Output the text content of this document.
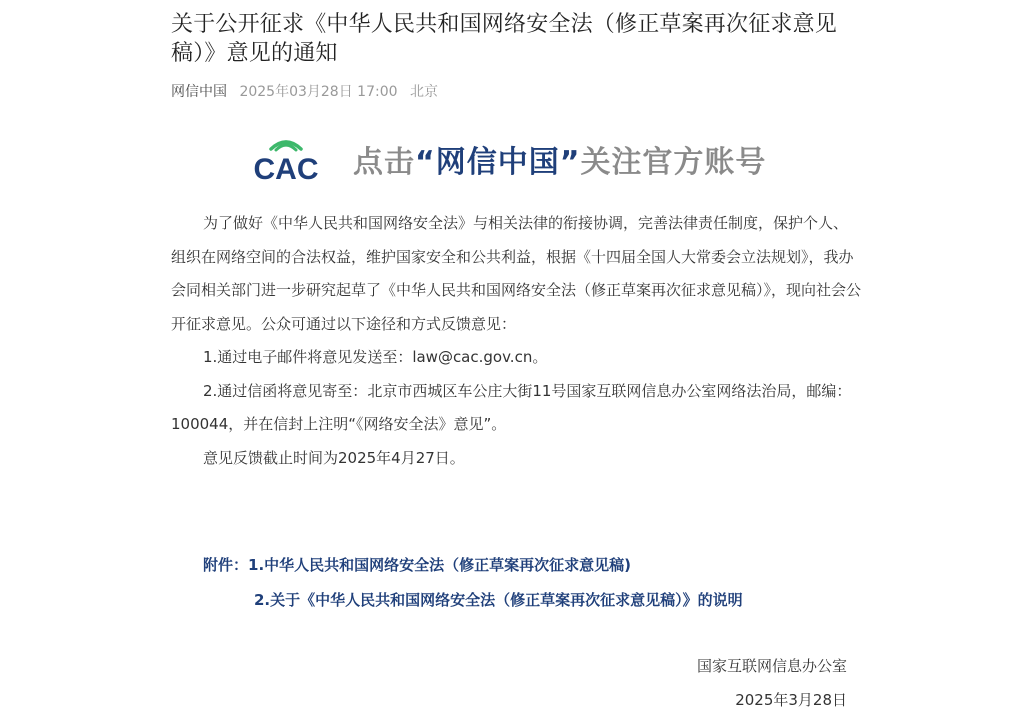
关于公开征求《中华人民共和国网络安全法（修正草案再次征求意见稿）》意见的通知
网信中国 2025年03月28日 17:00 北京
CAC 点击“网信中国”关注官方账号

为了做好《中华人民共和国网络安全法》与相关法律的衔接协调，完善法律责任制度，保护个人、组织在网络空间的合法权益，维护国家安全和公共利益，根据《十四届全国人大常委会立法规划》，我办会同相关部门进一步研究起草了《中华人民共和国网络安全法（修正草案再次征求意见稿）》，现向社会公开征求意见。公众可通过以下途径和方式反馈意见：

1.通过电子邮件将意见发送至：law@cac.gov.cn。

2.通过信函将意见寄至：北京市西城区车公庄大街11号国家互联网信息办公室网络法治局，邮编：100044，并在信封上注明“《网络安全法》意见”。

意见反馈截止时间为2025年4月27日。

附件：1.中华人民共和国网络安全法（修正草案再次征求意见稿)
2.关于《中华人民共和国网络安全法（修正草案再次征求意见稿）》的说明
国家互联网信息办公室
2025年3月28日
